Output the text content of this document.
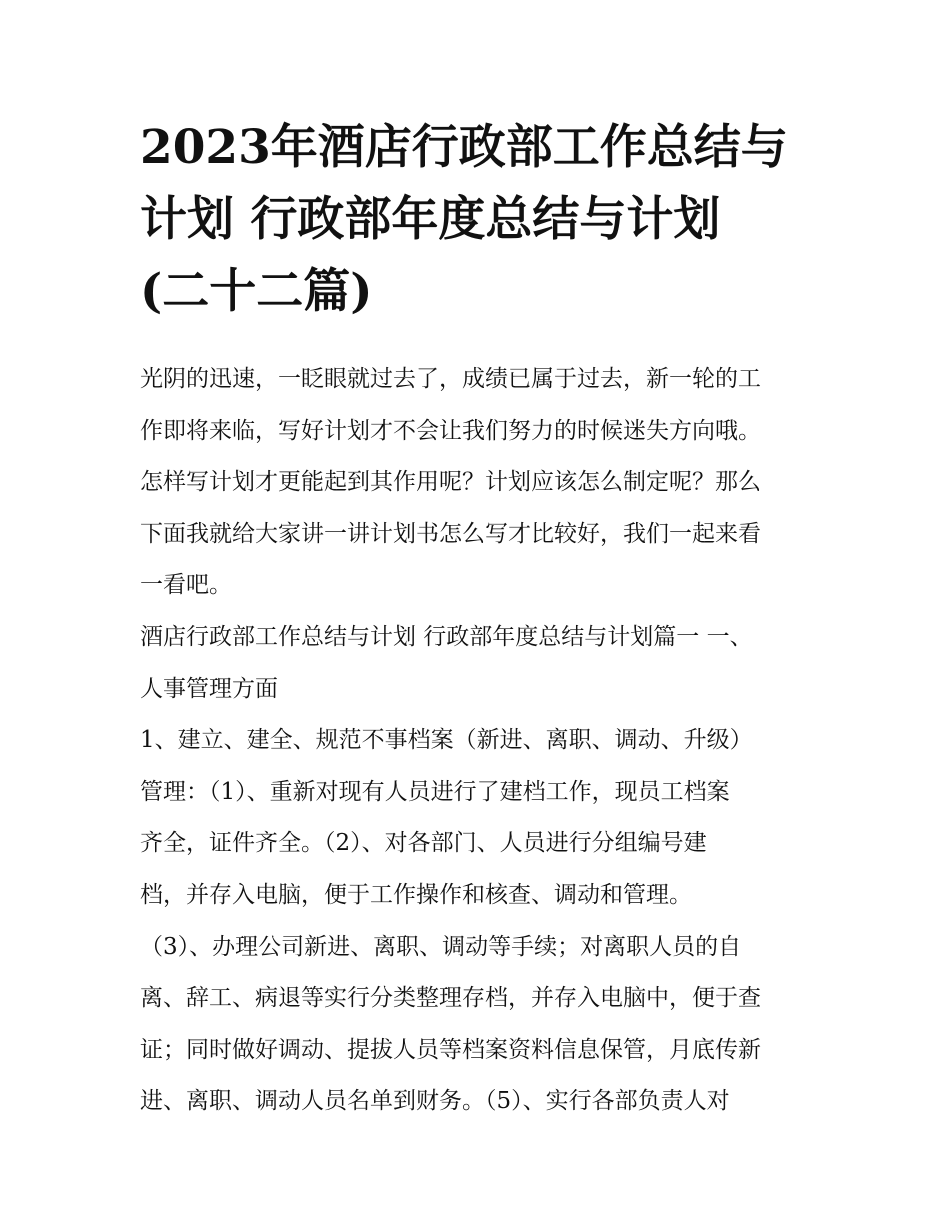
2023年酒店行政部工作总结与
计划 行政部年度总结与计划
(二十二篇)
光阴的迅速，一眨眼就过去了，成绩已属于过去，新一轮的工
作即将来临，写好计划才不会让我们努力的时候迷失方向哦。
怎样写计划才更能起到其作用呢？计划应该怎么制定呢？那么
下面我就给大家讲一讲计划书怎么写才比较好，我们一起来看
一看吧。
酒店行政部工作总结与计划 行政部年度总结与计划篇一 一、
人事管理方面
1、建立、建全、规范不事档案（新进、离职、调动、升级）
管理：（1）、重新对现有人员进行了建档工作，现员工档案
齐全，证件齐全。（2）、对各部门、人员进行分组编号建
档，并存入电脑，便于工作操作和核查、调动和管理。
（3）、办理公司新进、离职、调动等手续；对离职人员的自
离、辞工、病退等实行分类整理存档，并存入电脑中，便于查
证；同时做好调动、提拔人员等档案资料信息保管，月底传新
进、离职、调动人员名单到财务。（5）、实行各部负责人对
